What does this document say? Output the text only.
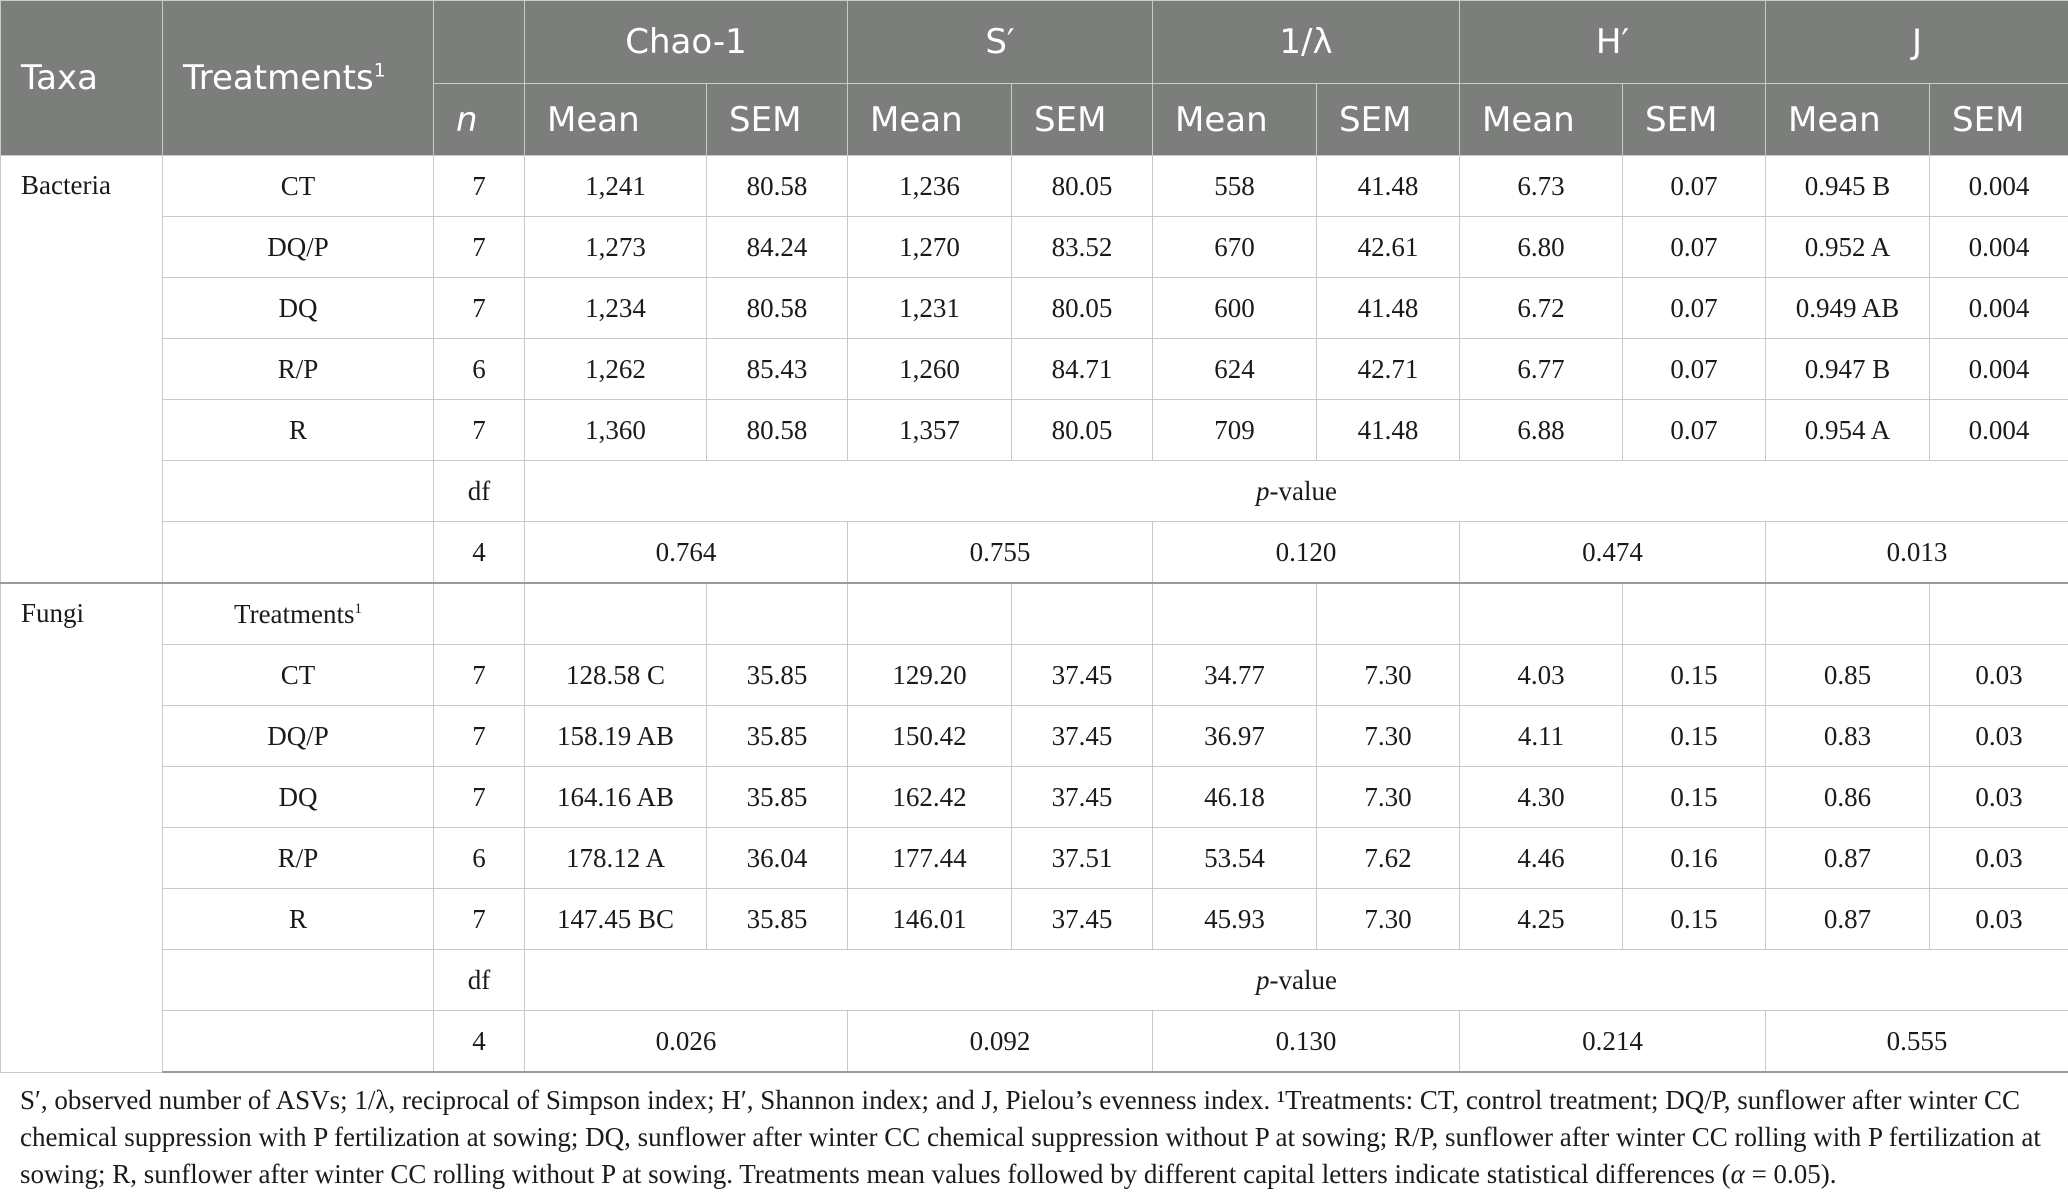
Taxa	Treatments$^1$		Chao-1		S′		1/λ		H′		J	
		n	Mean	SEM	Mean	SEM	Mean	SEM	Mean	SEM	Mean	SEM
Bacteria	CT	7	1,241	80.58	1,236	80.05	558	41.48	6.73	0.07	0.945 B	0.004
	DQ/P	7	1,273	84.24	1,270	83.52	670	42.61	6.80	0.07	0.952 A	0.004
	DQ	7	1,234	80.58	1,231	80.05	600	41.48	6.72	0.07	0.949 AB	0.004
	R/P	6	1,262	85.43	1,260	84.71	624	42.71	6.77	0.07	0.947 B	0.004
	R	7	1,360	80.58	1,357	80.05	709	41.48	6.88	0.07	0.954 A	0.004
		df	p-value									
		4	0.764		0.755		0.120		0.474		0.013	
Fungi	Treatments$^1$											
	CT	7	128.58 C	35.85	129.20	37.45	34.77	7.30	4.03	0.15	0.85	0.03
	DQ/P	7	158.19 AB	35.85	150.42	37.45	36.97	7.30	4.11	0.15	0.83	0.03
	DQ	7	164.16 AB	35.85	162.42	37.45	46.18	7.30	4.30	0.15	0.86	0.03
	R/P	6	178.12 A	36.04	177.44	37.51	53.54	7.62	4.46	0.16	0.87	0.03
	R	7	147.45 BC	35.85	146.01	37.45	45.93	7.30	4.25	0.15	0.87	0.03
		df	p-value									
		4	0.026		0.092		0.130		0.214		0.555	

S′, observed number of ASVs; 1/λ, reciprocal of Simpson index; H′, Shannon index; and J, Pielou’s evenness index. ¹Treatments: CT, control treatment; DQ/P, sunflower after winter CC chemical suppression with P fertilization at sowing; DQ, sunflower after winter CC chemical suppression without P at sowing; R/P, sunflower after winter CC rolling with P fertilization at sowing; R, sunflower after winter CC rolling without P at sowing. Treatments mean values followed by different capital letters indicate statistical differences (α = 0.05).
